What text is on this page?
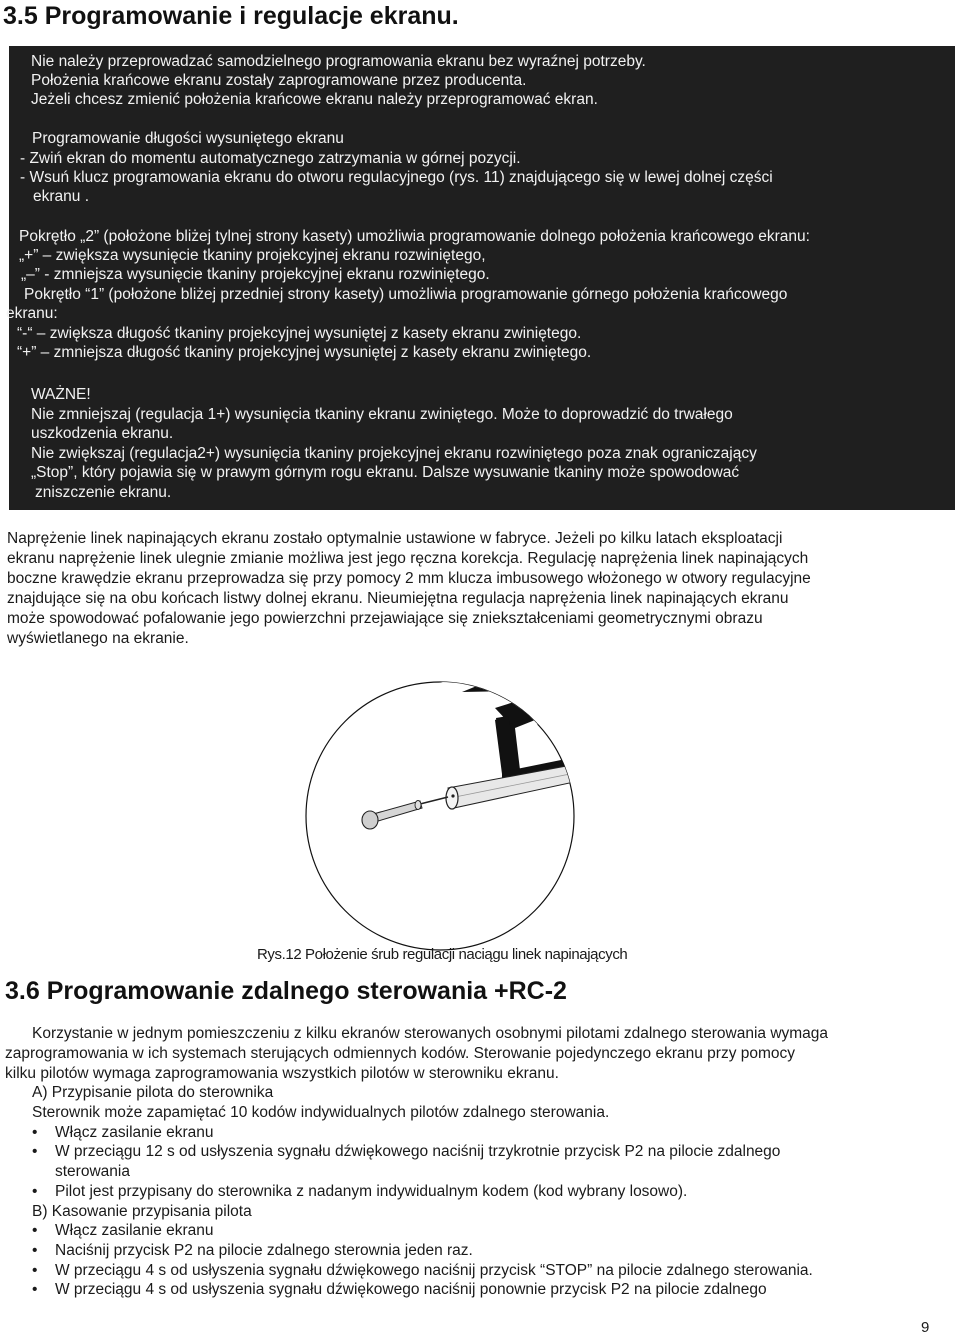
3.5 Programowanie i regulacje ekranu.
Nie należy przeprowadzać samodzielnego programowania ekranu bez wyraźnej potrzeby.
Położenia krańcowe ekranu zostały zaprogramowane przez producenta.
Jeżeli chcesz zmienić położenia krańcowe ekranu należy przeprogramować ekran.
Programowanie długości wysuniętego ekranu
- Zwiń ekran do momentu automatycznego zatrzymania w górnej pozycji.
- Wsuń klucz programowania ekranu do otworu regulacyjnego (rys. 11) znajdującego się w lewej dolnej części
ekranu .
Pokrętło „2” (położone bliżej tylnej strony kasety) umożliwia programowanie dolnego położenia krańcowego ekranu:
„+” – zwiększa wysunięcie tkaniny projekcyjnej ekranu rozwiniętego,
„–” - zmniejsza wysunięcie tkaniny projekcyjnej ekranu rozwiniętego.
Pokrętło “1” (położone bliżej przedniej strony kasety) umożliwia programowanie górnego położenia krańcowego
ekranu:
“-“ – zwiększa długość tkaniny projekcyjnej wysuniętej z kasety ekranu zwiniętego.
“+” – zmniejsza długość tkaniny projekcyjnej wysuniętej z kasety ekranu zwiniętego.
WAŻNE!
Nie zmniejszaj (regulacja 1+) wysunięcia tkaniny ekranu zwiniętego. Może to doprowadzić do trwałego
uszkodzenia ekranu.
Nie zwiększaj (regulacja2+) wysunięcia tkaniny projekcyjnej ekranu rozwiniętego poza znak ograniczający
„Stop”, który pojawia się w prawym górnym rogu ekranu. Dalsze wysuwanie tkaniny może spowodować
zniszczenie ekranu.
Naprężenie linek napinających ekranu zostało optymalnie ustawione w fabryce. Jeżeli po kilku latach eksploatacji
ekranu naprężenie linek ulegnie zmianie możliwa jest jego ręczna korekcja. Regulację naprężenia linek napinających
boczne krawędzie ekranu przeprowadza się przy pomocy 2 mm klucza imbusowego włożonego w otwory regulacyjne
znajdujące się na obu końcach listwy dolnej ekranu. Nieumiejętna regulacja naprężenia linek napinających ekranu
może spowodować pofalowanie jego powierzchni przejawiające się zniekształceniami geometrycznymi obrazu
wyświetlanego na ekranie.
Rys.12 Położenie śrub regulacji naciągu linek napinających
3.6 Programowanie zdalnego sterowania +RC-2
Korzystanie w jednym pomieszczeniu z kilku ekranów sterowanych osobnymi pilotami zdalnego sterowania wymaga
zaprogramowania w ich systemach sterujących odmiennych kodów. Sterowanie pojedynczego ekranu przy pomocy
kilku pilotów wymaga zaprogramowania wszystkich pilotów w sterowniku ekranu.
A) Przypisanie pilota do sterownika
Sterownik może zapamiętać 10 kodów indywidualnych pilotów zdalnego sterowania.
• Włącz zasilanie ekranu
• W przeciągu 12 s od usłyszenia sygnału dźwiękowego naciśnij trzykrotnie przycisk P2 na pilocie zdalnego
sterowania
• Pilot jest przypisany do sterownika z nadanym indywidualnym kodem (kod wybrany losowo).
B) Kasowanie przypisania pilota
• Włącz zasilanie ekranu
• Naciśnij przycisk P2 na pilocie zdalnego sterownia jeden raz.
• W przeciągu 4 s od usłyszenia sygnału dźwiękowego naciśnij przycisk “STOP” na pilocie zdalnego sterowania.
• W przeciągu 4 s od usłyszenia sygnału dźwiękowego naciśnij ponownie przycisk P2 na pilocie zdalnego
9
